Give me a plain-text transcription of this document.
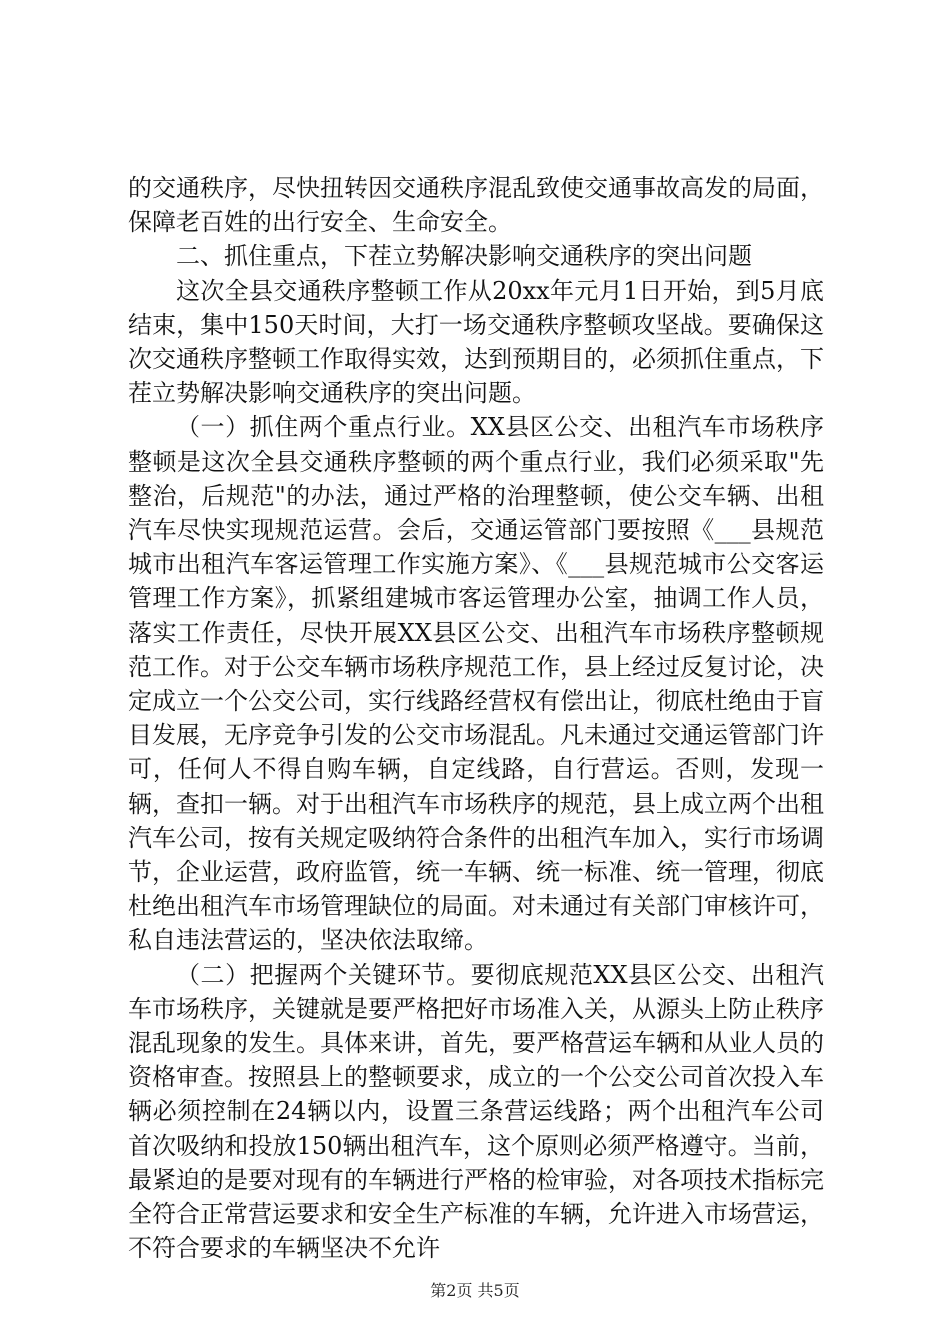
的交通秩序，尽快扭转因交通秩序混乱致使交通事故高发的局面，保障老百姓的出行安全、生命安全。

二、抓住重点，下茬立势解决影响交通秩序的突出问题

这次全县交通秩序整顿工作从20xx年元月1日开始，到5月底结束，集中150天时间，大打一场交通秩序整顿攻坚战。要确保这次交通秩序整顿工作取得实效，达到预期目的，必须抓住重点，下茬立势解决影响交通秩序的突出问题。

（一）抓住两个重点行业。XX县区公交、出租汽车市场秩序整顿是这次全县交通秩序整顿的两个重点行业，我们必须采取"先整治，后规范"的办法，通过严格的治理整顿，使公交车辆、出租汽车尽快实现规范运营。会后，交通运管部门要按照《___县规范城市出租汽车客运管理工作实施方案》、《___县规范城市公交客运管理工作方案》，抓紧组建城市客运管理办公室，抽调工作人员，落实工作责任，尽快开展XX县区公交、出租汽车市场秩序整顿规范工作。对于公交车辆市场秩序规范工作，县上经过反复讨论，决定成立一个公交公司，实行线路经营权有偿出让，彻底杜绝由于盲目发展，无序竞争引发的公交市场混乱。凡未通过交通运管部门许可，任何人不得自购车辆，自定线路，自行营运。否则，发现一辆，查扣一辆。对于出租汽车市场秩序的规范，县上成立两个出租汽车公司，按有关规定吸纳符合条件的出租汽车加入，实行市场调节，企业运营，政府监管，统一车辆、统一标准、统一管理，彻底杜绝出租汽车市场管理缺位的局面。对未通过有关部门审核许可，私自违法营运的，坚决依法取缔。

（二）把握两个关键环节。要彻底规范XX县区公交、出租汽车市场秩序，关键就是要严格把好市场准入关，从源头上防止秩序混乱现象的发生。具体来讲，首先，要严格营运车辆和从业人员的资格审查。按照县上的整顿要求，成立的一个公交公司首次投入车辆必须控制在24辆以内，设置三条营运线路；两个出租汽车公司首次吸纳和投放150辆出租汽车，这个原则必须严格遵守。当前，最紧迫的是要对现有的车辆进行严格的检审验，对各项技术指标完全符合正常营运要求和安全生产标准的车辆，允许进入市场营运，不符合要求的车辆坚决不允许

第2页 共5页
